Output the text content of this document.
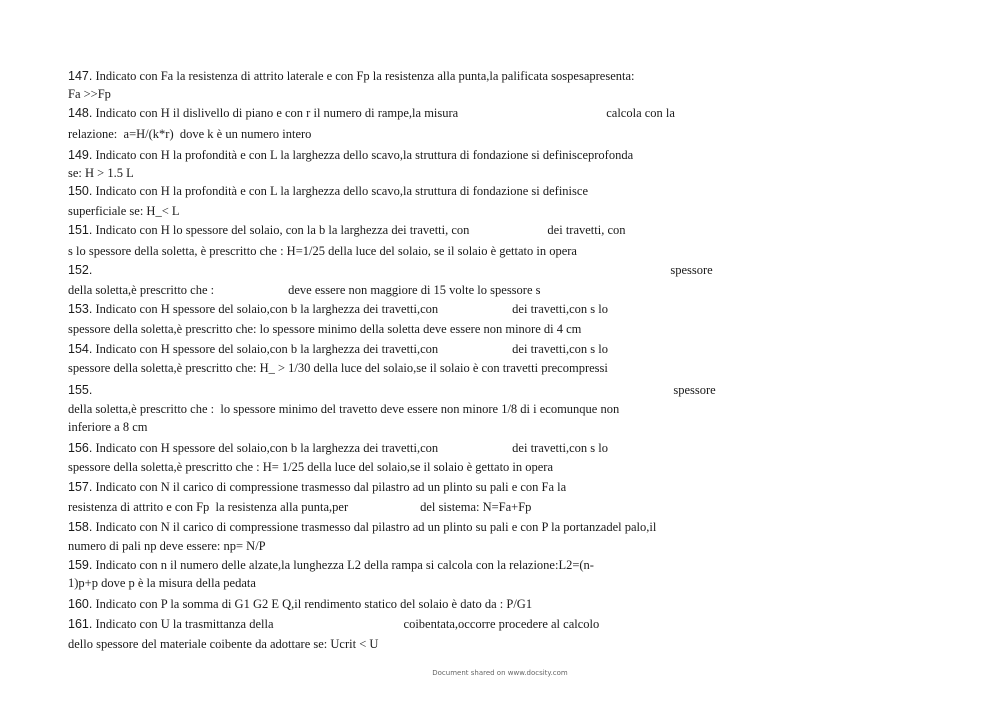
147. Indicato con Fa la resistenza di attrito laterale e con Fp la resistenza alla punta,la palificata sospesapresenta:
Fa >>Fp
148. Indicato con H il dislivello di piano e con r il numero di rampe,la misura	calcola con la
relazione:  a=H/(k*r)  dove k è un numero intero
149. Indicato con H la profondità e con L la larghezza dello scavo,la struttura di fondazione si definisceprofonda
se: H > 1.5 L
150. Indicato con H la profondità e con L la larghezza dello scavo,la struttura di fondazione si definisce
superficiale se: H_< L
151. Indicato con H lo spessore del solaio, con la b la larghezza dei travetti, con	dei travetti, con
s lo spessore della soletta, è prescritto che : H=1/25 della luce del solaio, se il solaio è gettato in opera
152.	spessore
della soletta,è prescritto che :	deve essere non maggiore di 15 volte lo spessore s
153. Indicato con H spessore del solaio,con b la larghezza dei travetti,con	dei travetti,con s lo
spessore della soletta,è prescritto che: lo spessore minimo della soletta deve essere non minore di 4 cm
154. Indicato con H spessore del solaio,con b la larghezza dei travetti,con	dei travetti,con s lo
spessore della soletta,è prescritto che: H_ > 1/30 della luce del solaio,se il solaio è con travetti precompressi
155.	spessore
della soletta,è prescritto che :  lo spessore minimo del travetto deve essere non minore 1/8 di i ecomunque non
inferiore a 8 cm
156. Indicato con H spessore del solaio,con b la larghezza dei travetti,con	dei travetti,con s lo
spessore della soletta,è prescritto che : H= 1/25 della luce del solaio,se il solaio è gettato in opera
157. Indicato con N il carico di compressione trasmesso dal pilastro ad un plinto su pali e con Fa la
resistenza di attrito e con Fp  la resistenza alla punta,per	del sistema: N=Fa+Fp
158. Indicato con N il carico di compressione trasmesso dal pilastro ad un plinto su pali e con P la portanzadel palo,il
numero di pali np deve essere: np= N/P
159. Indicato con n il numero delle alzate,la lunghezza L2 della rampa si calcola con la relazione:L2=(n-
1)p+p dove p è la misura della pedata
160. Indicato con P la somma di G1 G2 E Q,il rendimento statico del solaio è dato da : P/G1
161. Indicato con U la trasmittanza della	coibentata,occorre procedere al calcolo
dello spessore del materiale coibente da adottare se: Ucrit < U
Document shared on www.docsity.com
